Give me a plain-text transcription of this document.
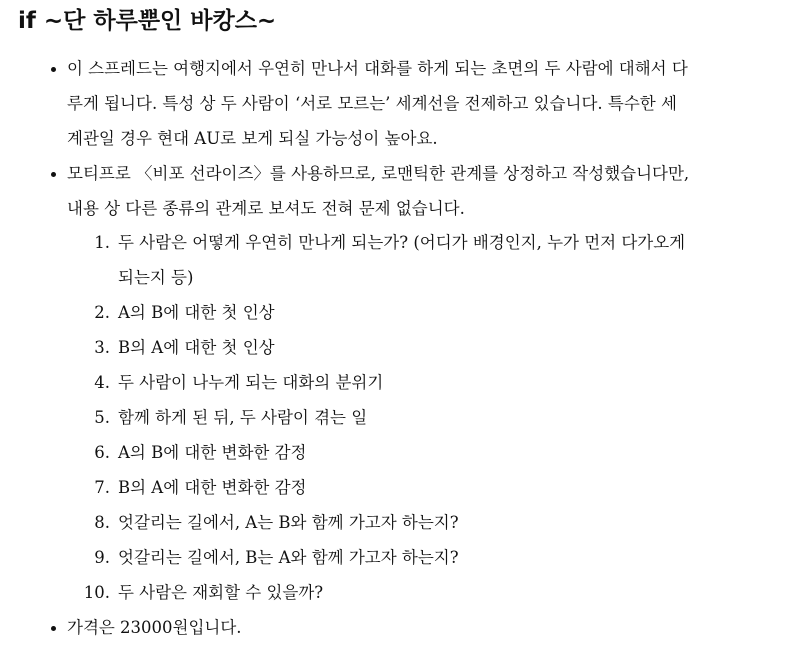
if ~단 하루뿐인 바캉스~
이 스프레드는 여행지에서 우연히 만나서 대화를 하게 되는 초면의 두 사람에 대해서 다
루게 됩니다. 특성 상 두 사람이 ‘서로 모르는’ 세계선을 전제하고 있습니다. 특수한 세
계관일 경우 현대 AU로 보게 되실 가능성이 높아요.
모티프로 〈비포 선라이즈〉를 사용하므로, 로맨틱한 관계를 상정하고 작성했습니다만,
내용 상 다른 종류의 관계로 보셔도 전혀 문제 없습니다.
1. 두 사람은 어떻게 우연히 만나게 되는가? (어디가 배경인지, 누가 먼저 다가오게
되는지 등)
2. A의 B에 대한 첫 인상
3. B의 A에 대한 첫 인상
4. 두 사람이 나누게 되는 대화의 분위기
5. 함께 하게 된 뒤, 두 사람이 겪는 일
6. A의 B에 대한 변화한 감정
7. B의 A에 대한 변화한 감정
8. 엇갈리는 길에서, A는 B와 함께 가고자 하는지?
9. 엇갈리는 길에서, B는 A와 함께 가고자 하는지?
10. 두 사람은 재회할 수 있을까?
가격은 23000원입니다.
